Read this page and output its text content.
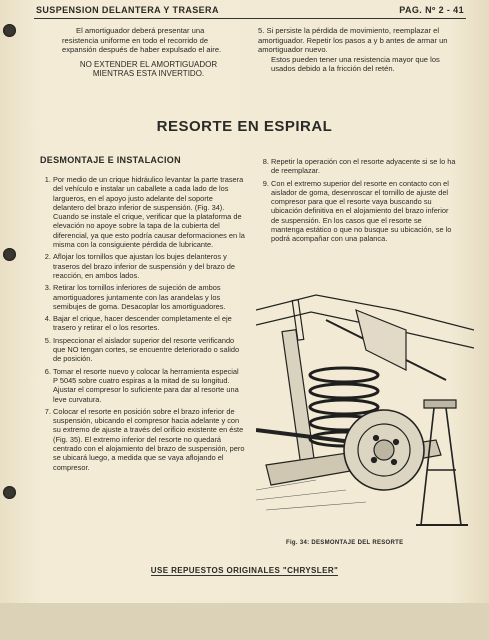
SUSPENSION DELANTERA Y TRASERA	PAG. Nº 2 - 41

El amortiguador deberá presentar una resistencia uniforme en todo el recorrido de expansión después de haber expulsado el aire.

NO EXTENDER EL AMORTIGUADOR MIENTRAS ESTA INVERTIDO.

5. Si persiste la pérdida de movimiento, reemplazar el amortiguador. Repetir los pasos a y b antes de armar un amortiguador nuevo.

Estos pueden tener una resistencia mayor que los usados debido a la fricción del retén.

RESORTE EN ESPIRAL
DESMONTAJE E INSTALACION
1. Por medio de un crique hidráulico levantar la parte trasera del vehículo e instalar un caballete a cada lado de los largueros, en el apoyo justo adelante del soporte delantero del brazo inferior de suspensión. (Fig. 34). Cuando se instale el crique, verificar que la plataforma de elevación no apoye sobre la tapa de la cubierta del diferencial, ya que esto podría causar deformaciones en la misma con la consiguiente pérdida de lubricante.
2. Aflojar los tornillos que ajustan los bujes delanteros y traseros del brazo inferior de suspensión y del brazo de reacción, en ambos lados.
3. Retirar los tornillos inferiores de sujeción de ambos amortiguadores juntamente con las arandelas y los semibujes de goma. Desacoplar los amortiguadores.
4. Bajar el crique, hacer descender completamente el eje trasero y retirar el o los resortes.
5. Inspeccionar el aislador superior del resorte verificando que NO tengan cortes, se encuentre deteriorado o salido de posición.
6. Tomar el resorte nuevo y colocar la herramienta especial P 5045 sobre cuatro espiras a la mitad de su longitud. Ajustar el compresor lo suficiente para dar al resorte una leve curvatura.
7. Colocar el resorte en posición sobre el brazo inferior de suspensión, ubicando el compresor hacia adelante y con su extremo de ajuste a través del orificio existente en éste (Fig. 35). El extremo inferior del resorte no quedará centrado con el alojamiento del brazo de suspensión, pero se ubicará luego, a medida que se vaya aflojando el compresor.
8. Repetir la operación con el resorte adyacente si se lo ha de reemplazar.
9. Con el extremo superior del resorte en contacto con el aislador de goma, desenroscar el tornillo de ajuste del compresor para que el resorte vaya buscando su ubicación definitiva en el alojamiento del brazo inferior de suspensión. En los casos que el resorte se mantenga estático o que no busque su ubicación, se lo podrá acompañar con una palanca.
Fig. 34: DESMONTAJE DEL RESORTE
USE REPUESTOS ORIGINALES "CHRYSLER"
